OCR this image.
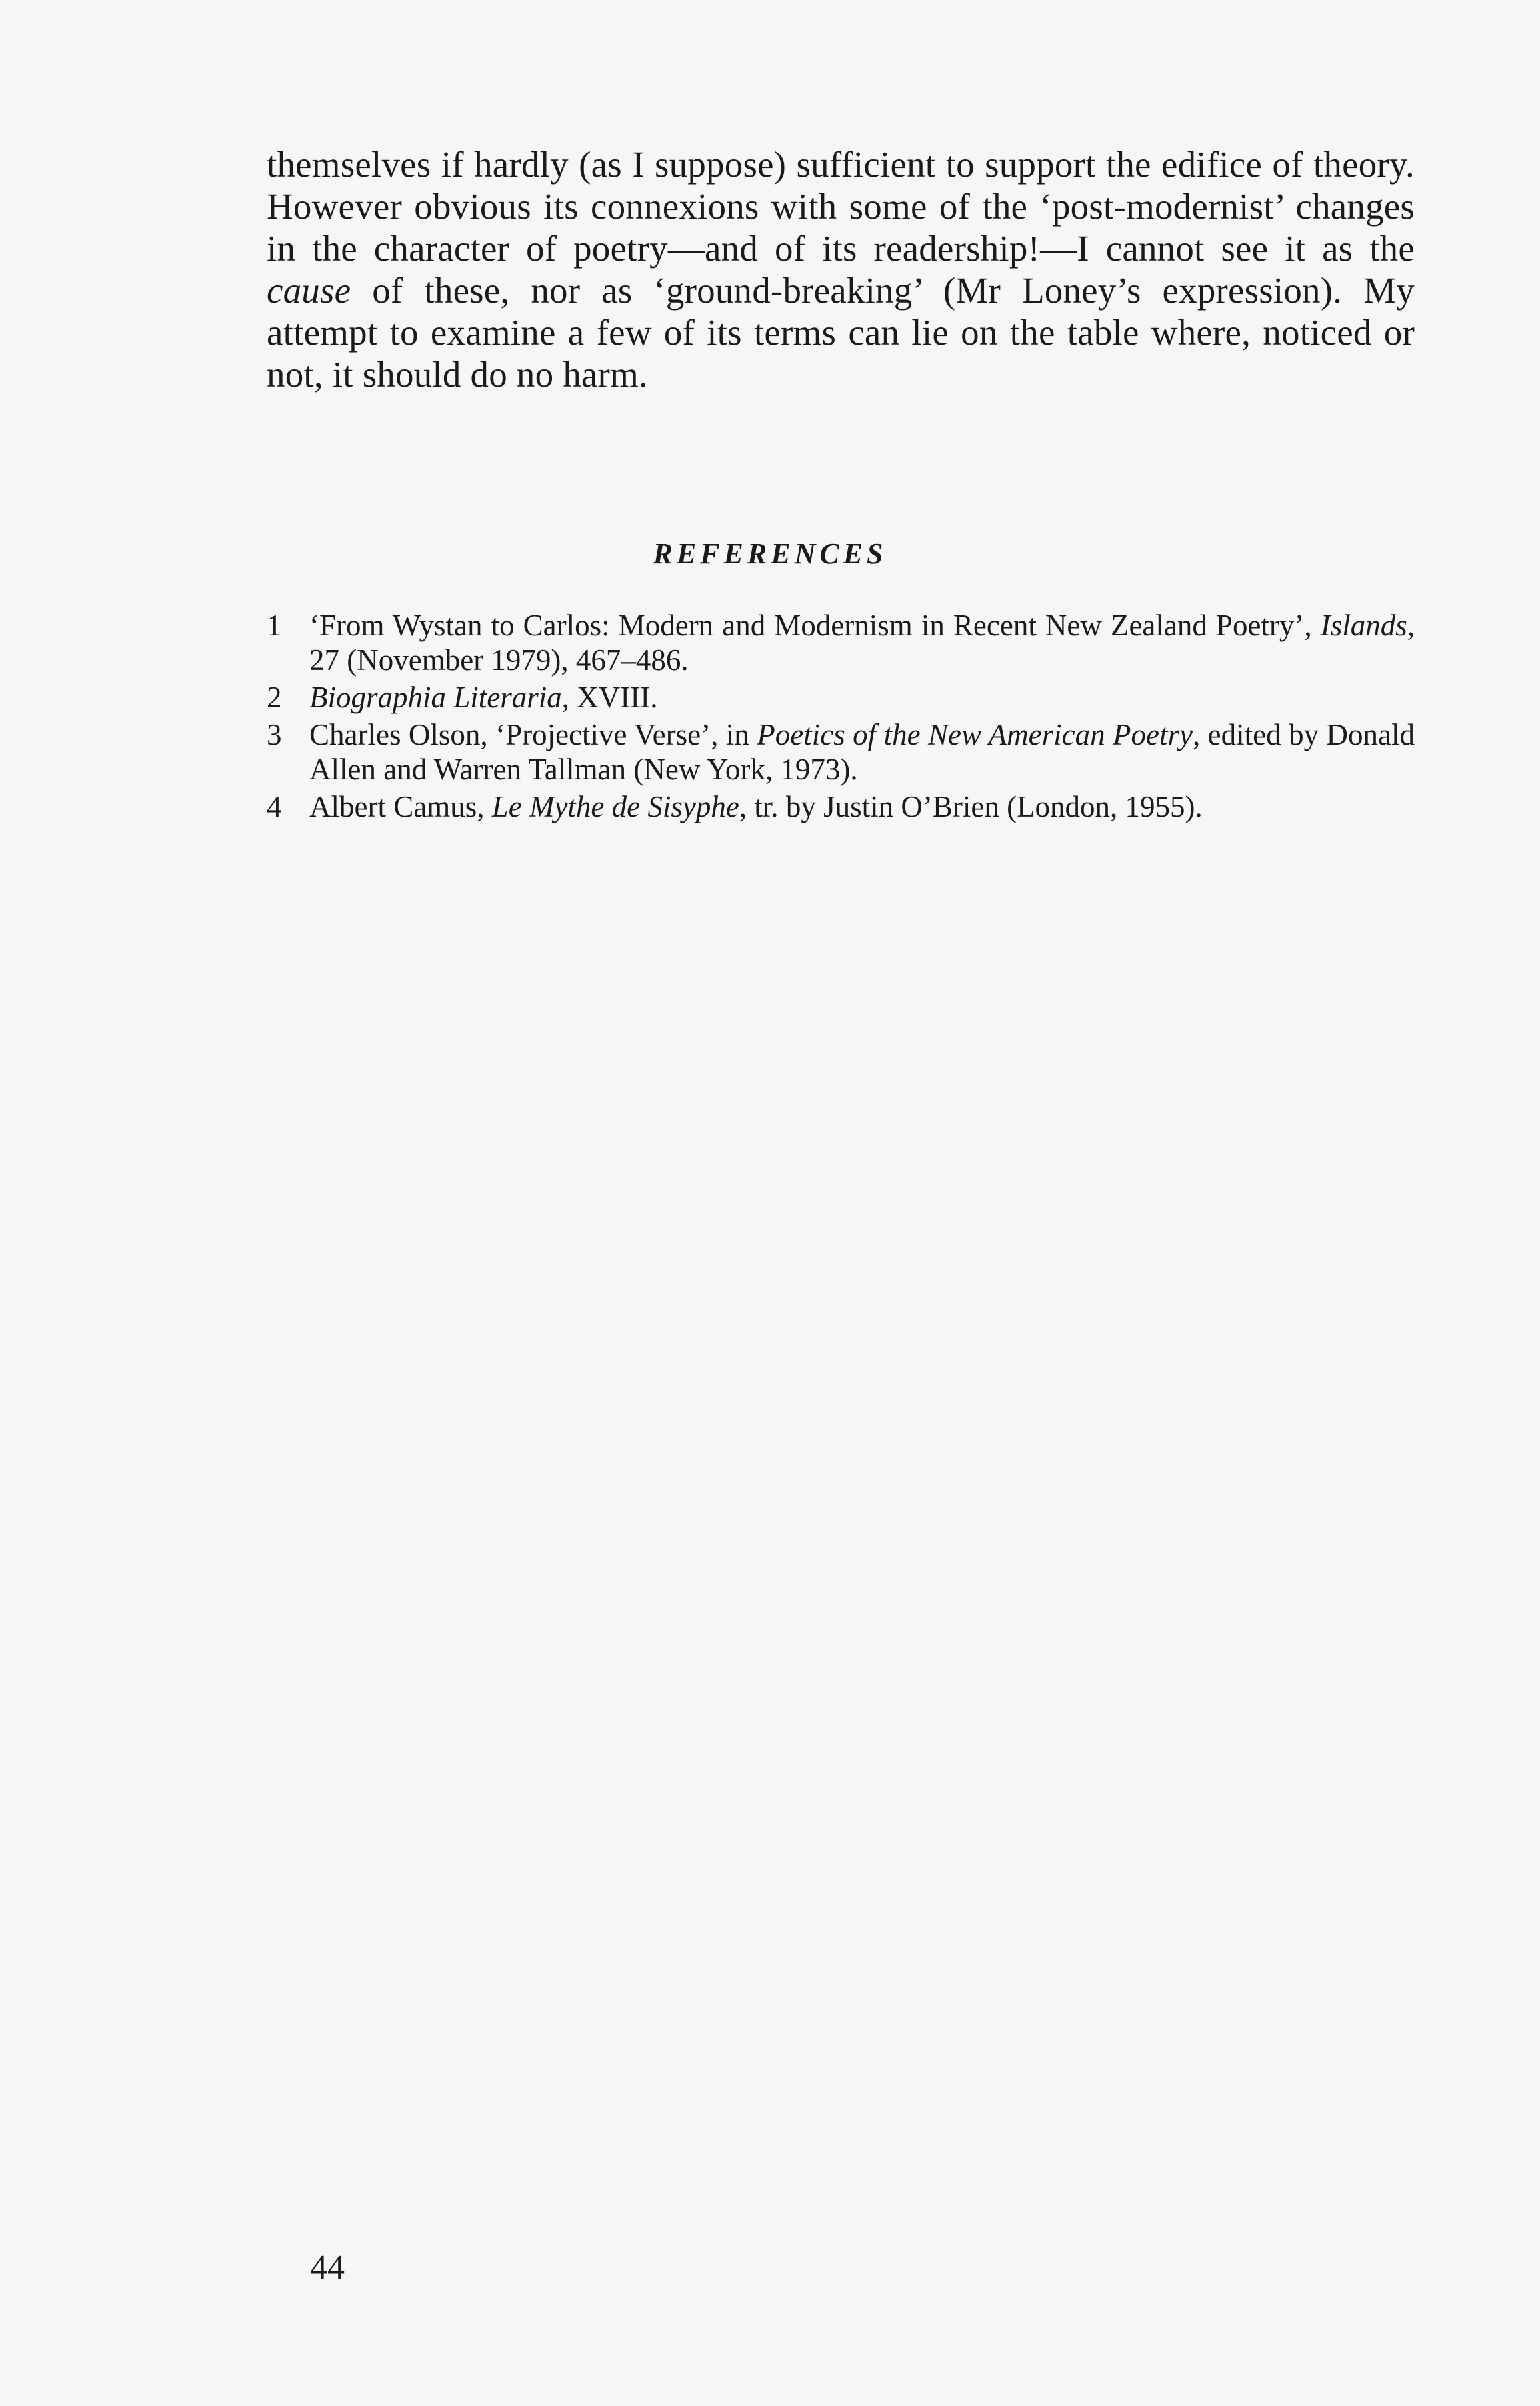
themselves if hardly (as I suppose) sufficient to support the edifice of theory. However obvious its connexions with some of the ‘post-modernist’ changes in the character of poetry—and of its readership!—I cannot see it as the cause of these, nor as ‘ground-breaking’ (Mr Loney’s expression). My attempt to examine a few of its terms can lie on the table where, noticed or not, it should do no harm.

REFERENCES
1 ‘From Wystan to Carlos: Modern and Modernism in Recent New Zealand Poetry’, Islands, 27 (November 1979), 467–486.
2 Biographia Literaria, XVIII.
3 Charles Olson, ‘Projective Verse’, in Poetics of the New American Poetry, edited by Donald Allen and Warren Tallman (New York, 1973).
4 Albert Camus, Le Mythe de Sisyphe, tr. by Justin O’Brien (London, 1955).

44
